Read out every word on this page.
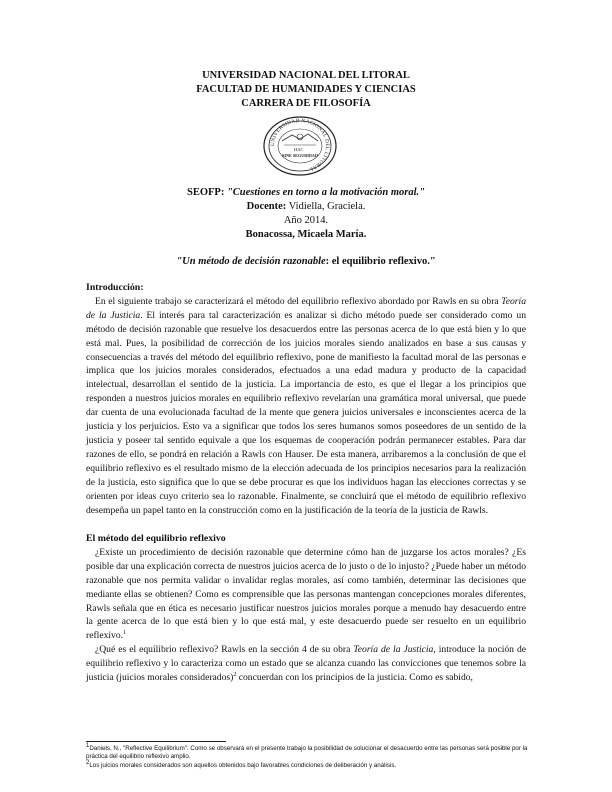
UNIVERSIDAD NACIONAL DEL LITORAL
FACULTAD DE HUMANIDADES Y CIENCIAS
CARRERA DE FILOSOFÍA
UNIVERSIDAD NACIONAL DEL LITORAL
HAC
SINE SEGURIDAD
SEOFP: "Cuestiones en torno a la motivación moral."
Docente: Vidiella, Graciela.
Año 2014.
Bonacossa, Micaela María.
"Un método de decisión razonable: el equilibrio reflexivo."
Introducción:

En el siguiente trabajo se caracterizará el método del equilibrio reflexivo abordado por Rawls en su obra Teoría de la Justicia. El interés para tal caracterización es analizar si dicho método puede ser considerado como un método de decisión razonable que resuelve los desacuerdos entre las personas acerca de lo que está bien y lo que está mal. Pues, la posibilidad de corrección de los juicios morales siendo analizados en base a sus causas y consecuencias a través del método del equilibrio reflexivo, pone de manifiesto la facultad moral de las personas e implica que los juicios morales considerados, efectuados a una edad madura y producto de la capacidad intelectual, desarrollan el sentido de la justicia. La importancia de esto, es que el llegar a los principios que responden a nuestros juicios morales en equilibrio reflexivo revelarían una gramática moral universal, que puede dar cuenta de una evolucionada facultad de la mente que genera juicios universales e inconscientes acerca de la justicia y los perjuicios. Esto va a significar que todos los seres humanos somos poseedores de un sentido de la justicia y poseer tal sentido equivale a que los esquemas de cooperación podrán permanecer estables. Para dar razones de ello, se pondrá en relación a Rawls con Hauser. De esta manera, arribaremos a la conclusión de que el equilibrio reflexivo es el resultado mismo de la elección adecuada de los principios necesarios para la realización de la justicia, esto significa que lo que se debe procurar es que los individuos hagan las elecciones correctas y se orienten por ideas cuyo criterio sea lo razonable. Finalmente, se concluirá que el método de equilibrio reflexivo desempeña un papel tanto en la construcción como en la justificación de la teoría de la justicia de Rawls.

El método del equilibrio reflexivo

¿Existe un procedimiento de decisión razonable que determine cómo han de juzgarse los actos morales? ¿Es posible dar una explicación correcta de nuestros juicios acerca de lo justo o de lo injusto? ¿Puede haber un método razonable que nos permita validar o invalidar reglas morales, así como también, determinar las decisiones que mediante ellas se obtienen? Como es comprensible que las personas mantengan concepciones morales diferentes, Rawls señala que en ética es necesario justificar nuestros juicios morales porque a menudo hay desacuerdo entre la gente acerca de lo que está bien y lo que está mal, y este desacuerdo puede ser resuelto en un equilibrio reflexivo.$^1$

¿Qué es el equilibrio reflexivo? Rawls en la sección 4 de su obra Teoría de la Justicia, introduce la noción de equilibrio reflexivo y lo caracteriza como un estado que se alcanza cuando las convicciones que tenemos sobre la justicia (juicios morales considerados)$^2$ concuerdan con los principios de la justicia. Como es sabido,

$^1$Daniels, N., "Reflective Equilibrium". Como se observará en el presente trabajo la posibilidad de solucionar el desacuerdo entre las personas será posible por la práctica del equilibrio reflexivo amplio.
$^2$Los juicios morales considerados son aquellos obtenidos bajo favorables condiciones de deliberación y análisis.
